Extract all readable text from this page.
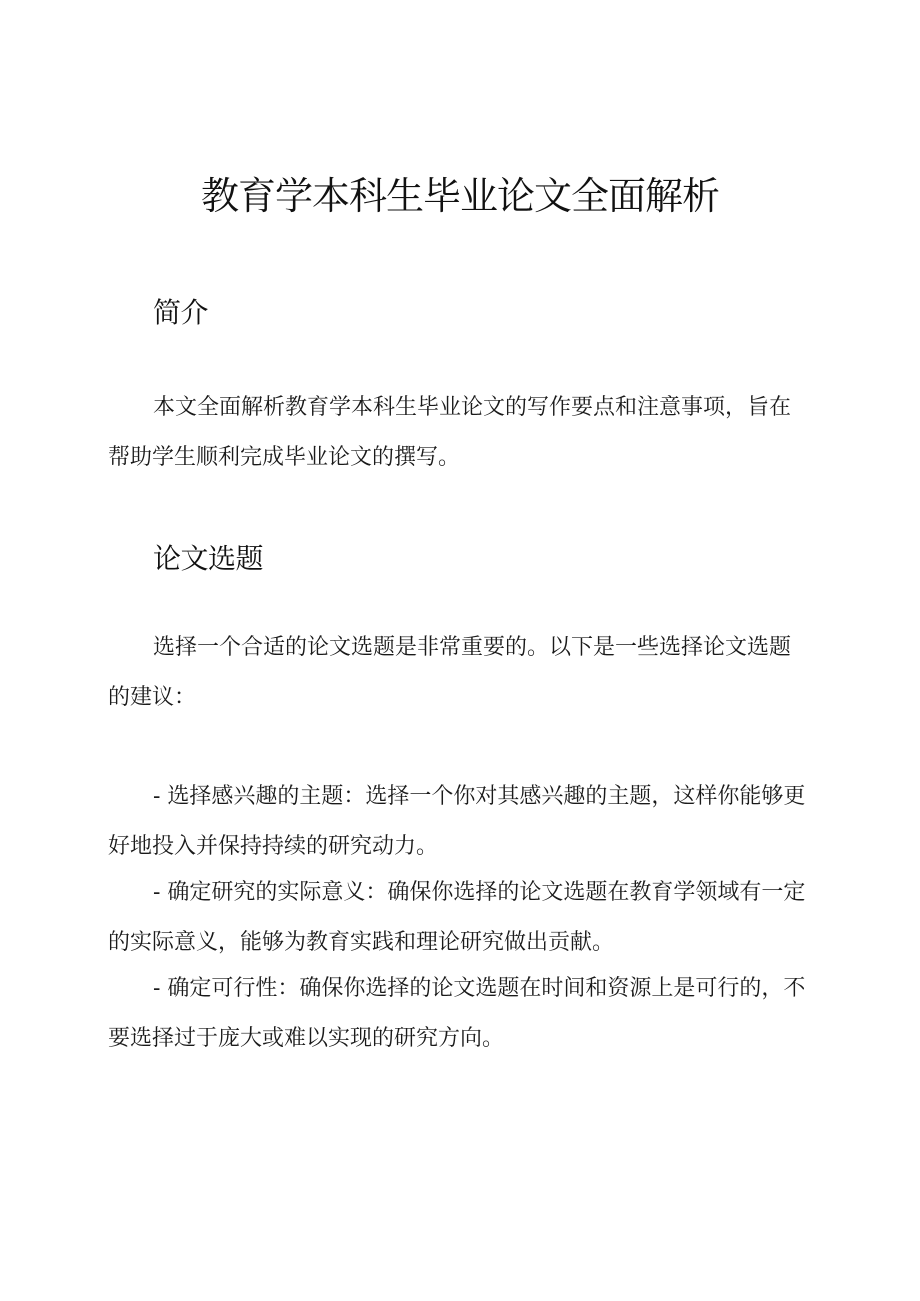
教育学本科生毕业论文全面解析
简介

本文全面解析教育学本科生毕业论文的写作要点和注意事项，旨在帮助学生顺利完成毕业论文的撰写。

论文选题

选择一个合适的论文选题是非常重要的。以下是一些选择论文选题的建议：

- 选择感兴趣的主题：选择一个你对其感兴趣的主题，这样你能够更好地投入并保持持续的研究动力。

- 确定研究的实际意义：确保你选择的论文选题在教育学领域有一定的实际意义，能够为教育实践和理论研究做出贡献。

- 确定可行性：确保你选择的论文选题在时间和资源上是可行的，不要选择过于庞大或难以实现的研究方向。
